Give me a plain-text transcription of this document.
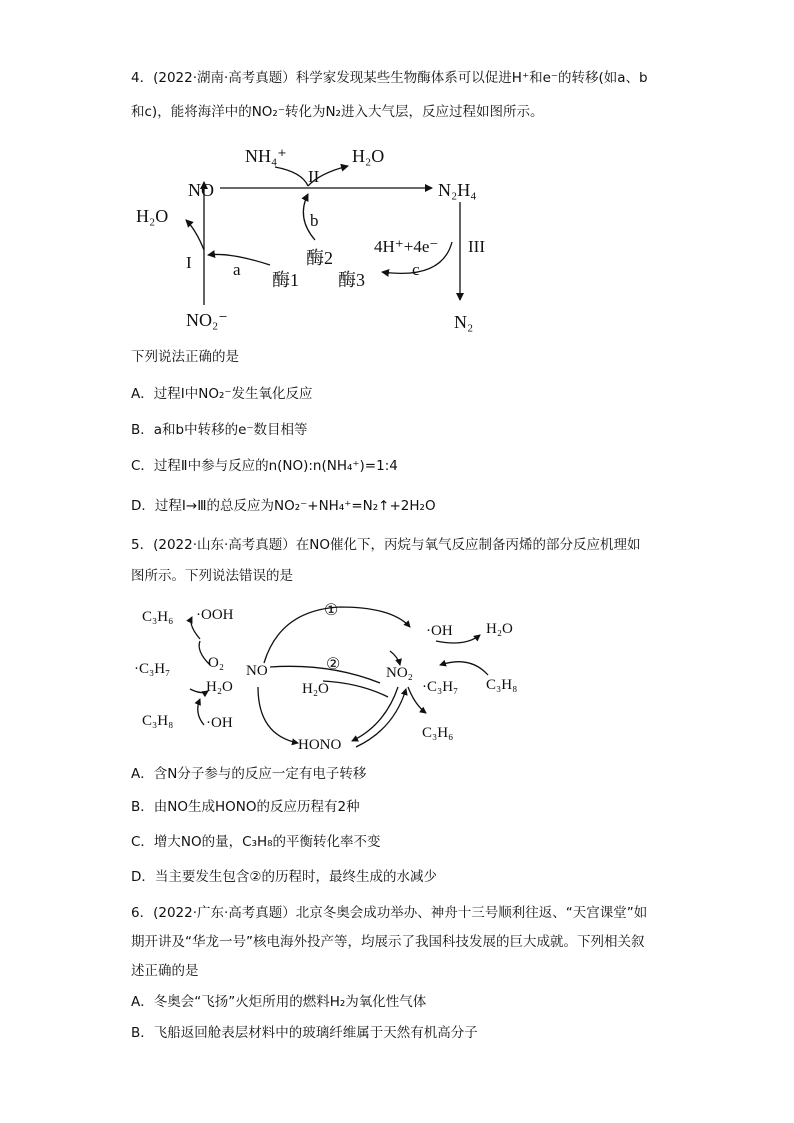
4．(2022·湖南·高考真题）科学家发现某些生物酶体系可以促进H⁺和e⁻的转移(如a、b
和c)，能将海洋中的NO₂⁻转化为N₂进入大气层，反应过程如图所示。
NH₄⁺	H₂O
II
NO	N₂H₄
H₂O	b
酶2
4H⁺+4e⁻ III
I a
酶1 酶3
c
NO₂⁻	N₂
下列说法正确的是
A．过程Ⅰ中NO₂⁻发生氧化反应
B．a和b中转移的e⁻数目相等
C．过程Ⅱ中参与反应的n(NO):n(NH₄⁺)=1:4
D．过程Ⅰ→Ⅲ的总反应为NO₂⁻+NH₄⁺=N₂↑+2H₂O
5．(2022·山东·高考真题）在NO催化下，丙烷与氧气反应制备丙烯的部分反应机理如
图所示。下列说法错误的是
C₃H₆ ·OOH	①
·OH H₂O
·C₃H₇	O₂ NO	②	NO₂
H₂O	H₂O	·C₃H₇ C₃H₈
C₃H₈ ·OH
C₃H₆
HONO
A．含N分子参与的反应一定有电子转移
B．由NO生成HONO的反应历程有2种
C．增大NO的量，C₃H₈的平衡转化率不变
D．当主要发生包含②的历程时，最终生成的水减少
6．(2022·广东·高考真题）北京冬奥会成功举办、神舟十三号顺利往返、“天宫课堂”如
期开讲及“华龙一号”核电海外投产等，均展示了我国科技发展的巨大成就。下列相关叙
述正确的是
A．冬奥会“飞扬”火炬所用的燃料H₂为氧化性气体
B．飞船返回舱表层材料中的玻璃纤维属于天然有机高分子
